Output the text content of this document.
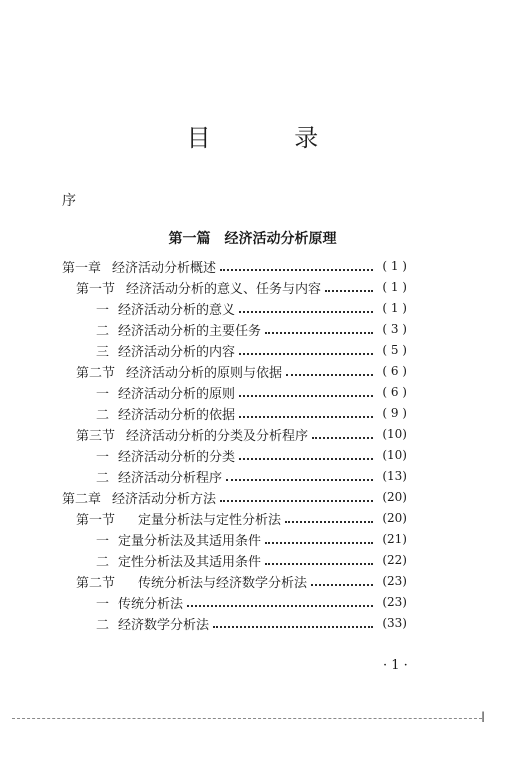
目 录
序
第一篇　经济活动分析原理
第一章 经济活动分析概述	( 1 )
第一节 经济活动分析的意义、任务与内容	( 1 )
一 经济活动分析的意义	( 1 )
二 经济活动分析的主要任务	( 3 )
三 经济活动分析的内容	( 5 )
第二节 经济活动分析的原则与依据	( 6 )
一 经济活动分析的原则	( 6 )
二 经济活动分析的依据	( 9 )
第三节 经济活动分析的分类及分析程序	(10)
一 经济活动分析的分类	(10)
二 经济活动分析程序	(13)
第二章 经济活动分析方法	(20)
第一节	定量分析法与定性分析法	(20)
一 定量分析法及其适用条件	(21)
二 定性分析法及其适用条件	(22)
第二节	传统分析法与经济数学分析法	(23)
一 传统分析法	(23)
二 经济数学分析法	(33)
· 1 ·
ǀ
